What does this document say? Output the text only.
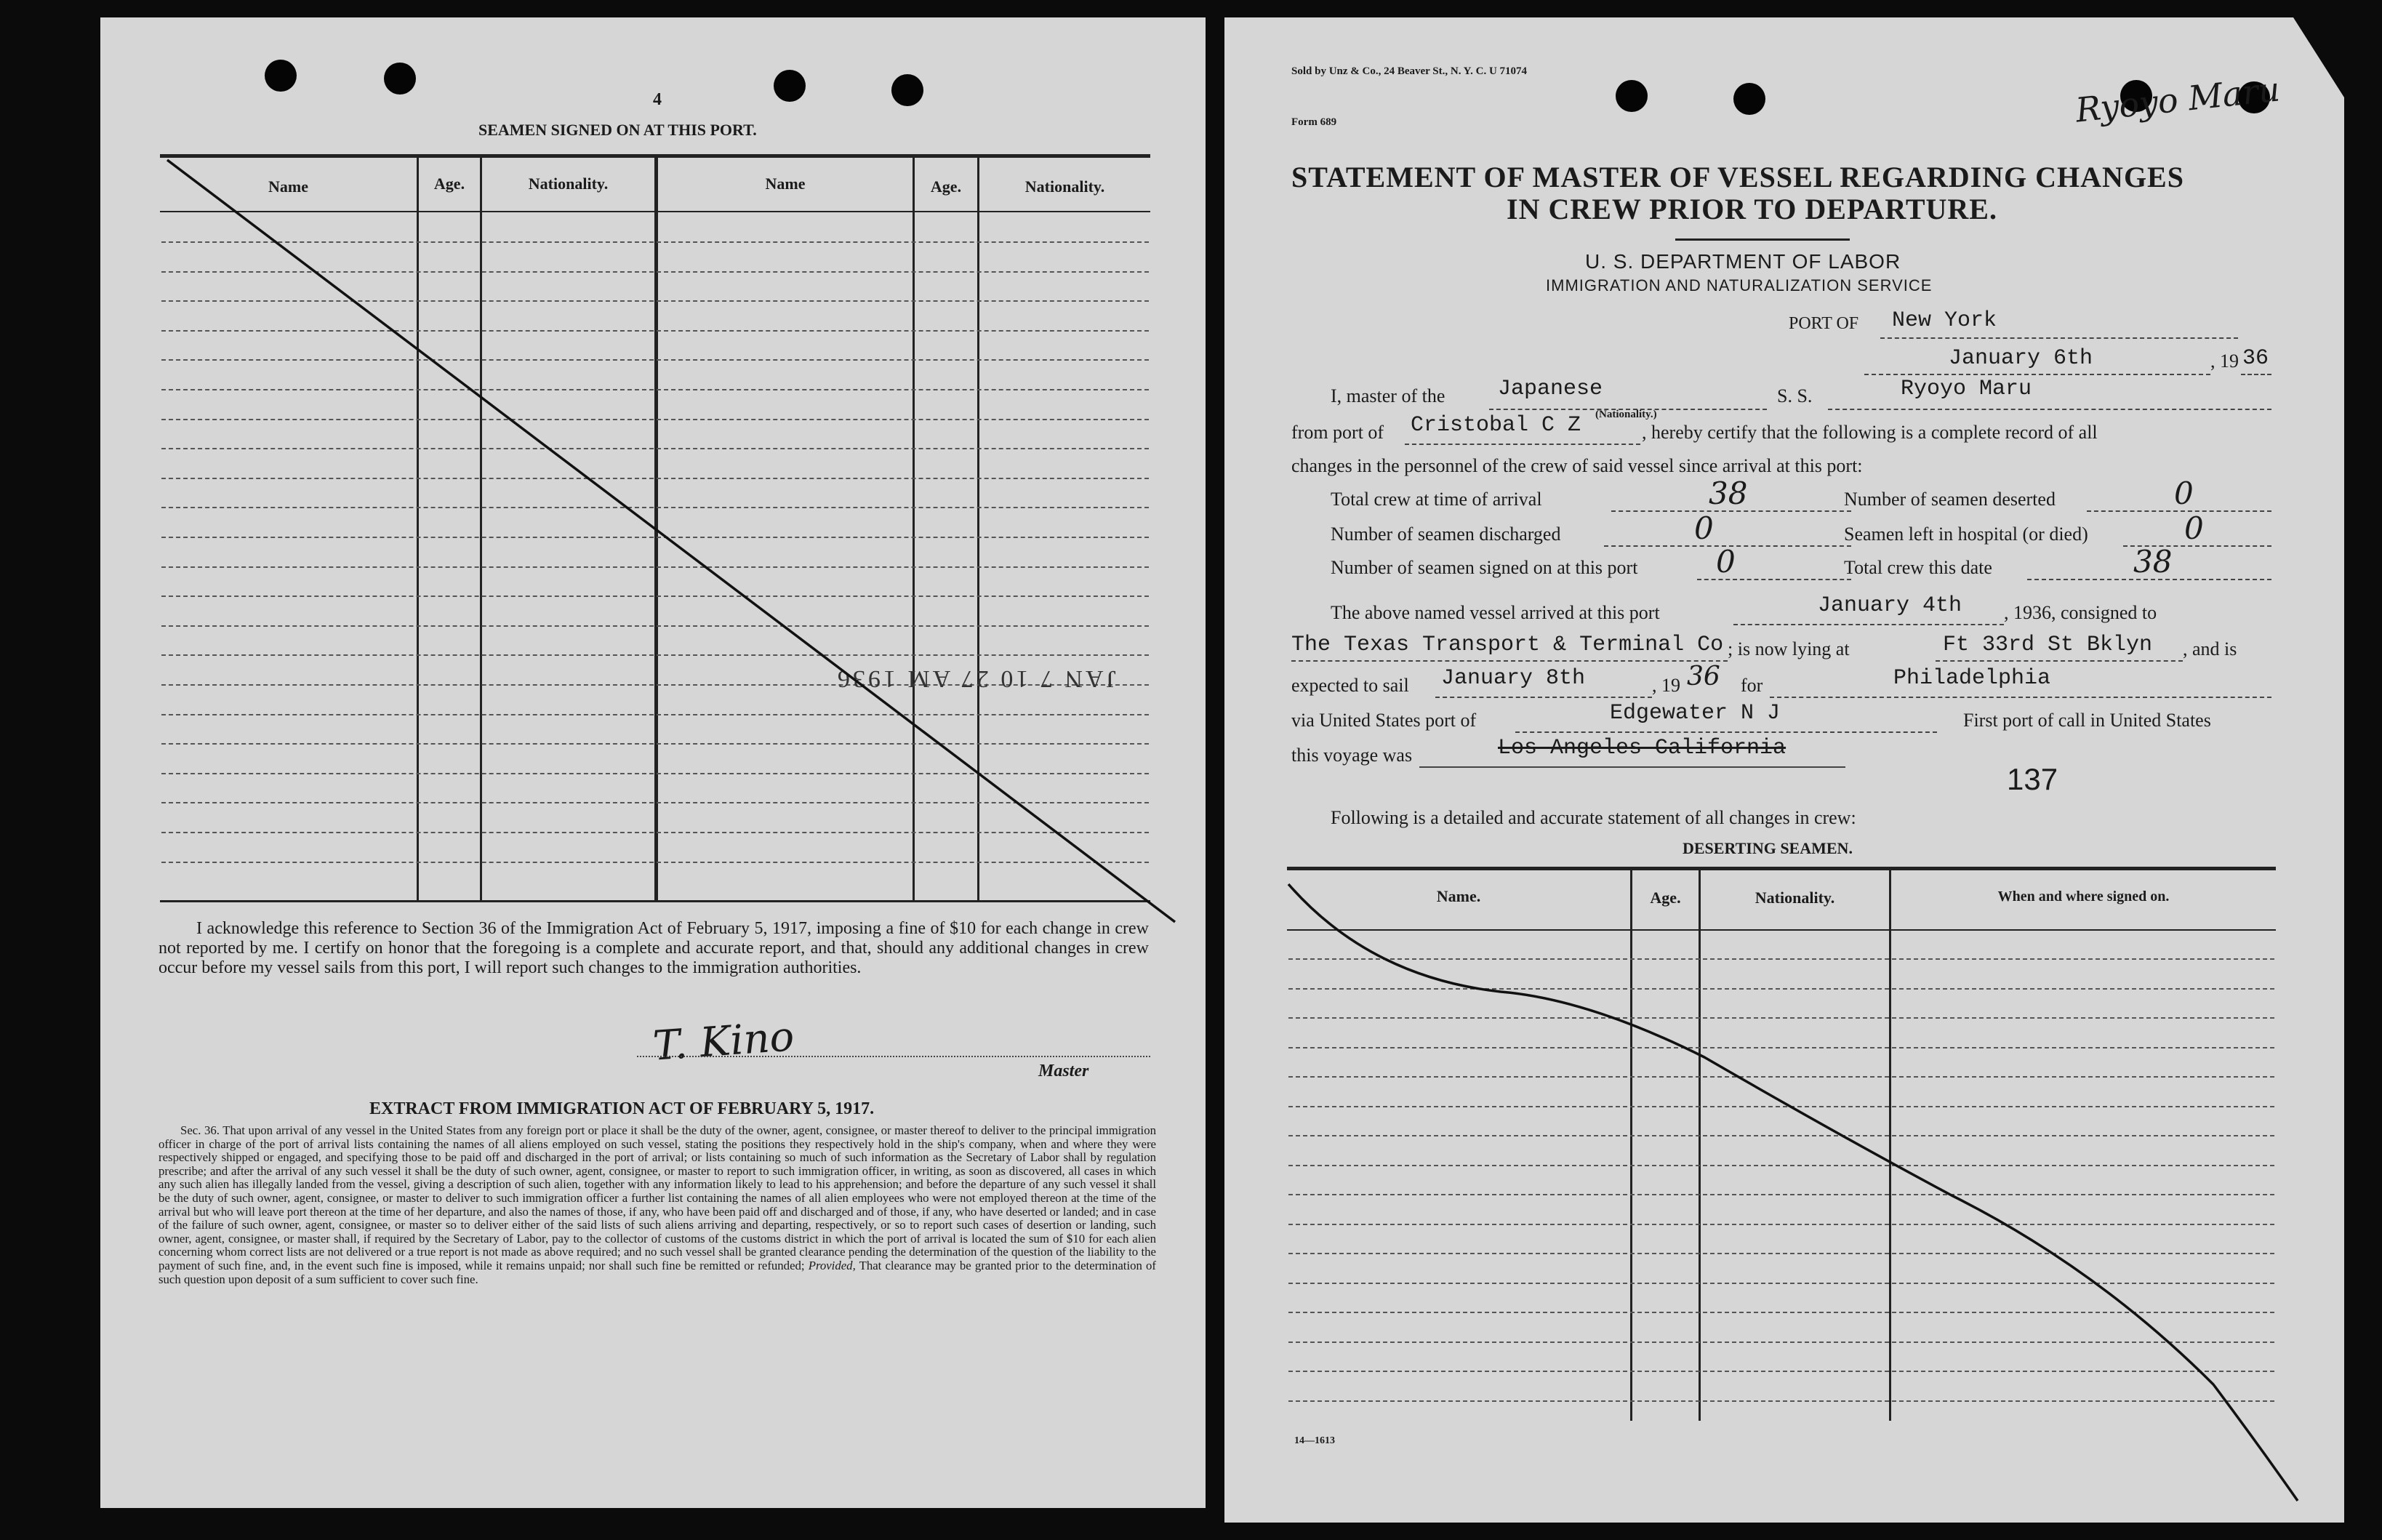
4
SEAMEN SIGNED ON AT THIS PORT.
Name	Age.	Nationality.	Name	Age.	Nationality.
JAN 7 10 27 AM 1936
I acknowledge this reference to Section 36 of the Immigration Act of February 5, 1917, imposing a fine of $10 for each change in crew not reported by me. I certify on honor that the foregoing is a complete and accurate report, and that, should any additional changes in crew occur before my vessel sails from this port, I will report such changes to the immigration authorities.
T. Kino
Master
EXTRACT FROM IMMIGRATION ACT OF FEBRUARY 5, 1917.
Sec. 36. That upon arrival of any vessel in the United States from any foreign port or place it shall be the duty of the owner, agent, consignee, or master thereof to deliver to the principal immigration officer in charge of the port of arrival lists containing the names of all aliens employed on such vessel, stating the positions they respectively hold in the ship's company, when and where they were respectively shipped or engaged, and specifying those to be paid off and discharged in the port of arrival; or lists containing so much of such information as the Secretary of Labor shall by regulation prescribe; and after the arrival of any such vessel it shall be the duty of such owner, agent, consignee, or master to report to such immigration officer, in writing, as soon as discovered, all cases in which any such alien has illegally landed from the vessel, giving a description of such alien, together with any information likely to lead to his apprehension; and before the departure of any such vessel it shall be the duty of such owner, agent, consignee, or master to deliver to such immigration officer a further list containing the names of all alien employees who were not employed thereon at the time of the arrival but who will leave port thereon at the time of her departure, and also the names of those, if any, who have been paid off and discharged and of those, if any, who have deserted or landed; and in case of the failure of such owner, agent, consignee, or master so to deliver either of the said lists of such aliens arriving and departing, respectively, or so to report such cases of desertion or landing, such owner, agent, consignee, or master shall, if required by the Secretary of Labor, pay to the collector of customs of the customs district in which the port of arrival is located the sum of $10 for each alien concerning whom correct lists are not delivered or a true report is not made as above required; and no such vessel shall be granted clearance pending the determination of the question of the liability to the payment of such fine, and, in the event such fine is imposed, while it remains unpaid; nor shall such fine be remitted or refunded; Provided, That clearance may be granted prior to the determination of such question upon deposit of a sum sufficient to cover such fine.
Sold by Unz & Co., 24 Beaver St., N. Y. C. U 71074	Ryoyo Maru
Form 689
STATEMENT OF MASTER OF VESSEL REGARDING CHANGES
IN CREW PRIOR TO DEPARTURE.
U. S. DEPARTMENT OF LABOR
IMMIGRATION AND NATURALIZATION SERVICE
PORT OF New York
January 6th	, 19 36
I, master of the Japanese
(Nationality.)
S. S.	Ryoyo Maru
from port of Cristobal C Z	, hereby certify that the following is a complete record of all
changes in the personnel of the crew of said vessel since arrival at this port:
Total crew at time of arrival	38	Number of seamen deserted	0
Number of seamen discharged	0	Seamen left in hospital (or died)	0
Number of seamen signed on at this port	0	Total crew this date	38
The above named vessel arrived at this port	January 4th , 1936, consigned to
The Texas Transport & Terminal Co ; is now lying at	Ft 33rd St Bklyn , and is
expected to sail January 8th	, 19 36 for	Philadelphia
via United States port of	Edgewater N J	First port of call in United States
this voyage was	Los Angeles California
137
Following is a detailed and accurate statement of all changes in crew:
DESERTING SEAMEN.
Name.	Age.	Nationality.	When and where signed on.
14—1613
